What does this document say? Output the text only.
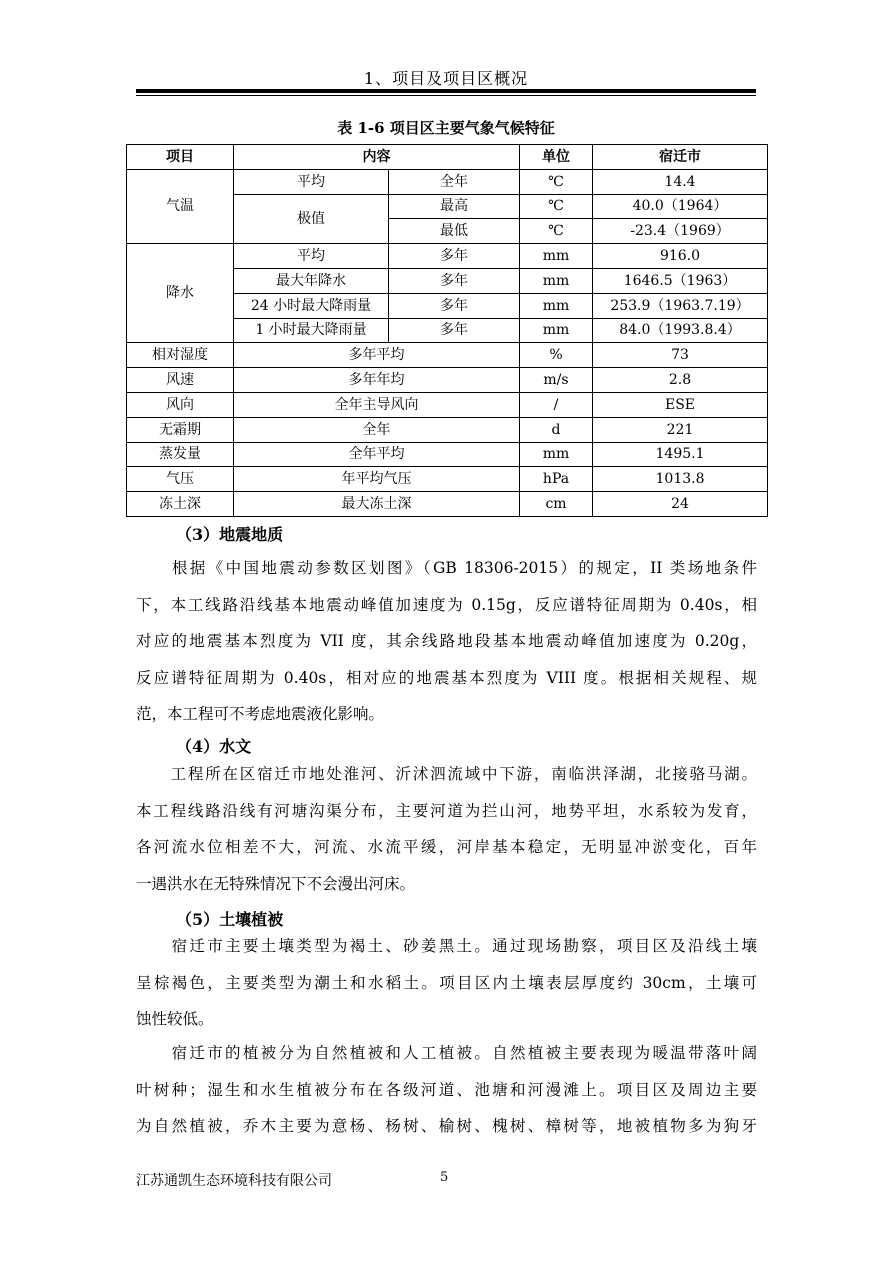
1、项目及项目区概况
表 1-6 项目区主要气象气候特征
项目	内容		单位	宿迁市
气温	平均	全年	℃	14.4
	极值	最高	℃	40.0（1964）
		最低	℃	-23.4（1969）
降水	平均	多年	mm	916.0
	最大年降水	多年	mm	1646.5（1963）
	24 小时最大降雨量	多年	mm	253.9（1963.7.19）
	1 小时最大降雨量	多年	mm	84.0（1993.8.4）
相对湿度	多年平均		%	73
风速	多年年均		m/s	2.8
风向	全年主导风向		/	ESE
无霜期	全年		d	221
蒸发量	全年平均		mm	1495.1
气压	年平均气压		hPa	1013.8
冻土深	最大冻土深		cm	24
（3）地震地质
　　根据《中国地震动参数区划图》（GB 18306-2015）的规定，II 类场地条件
下，本工线路沿线基本地震动峰值加速度为 0.15g，反应谱特征周期为 0.40s，相
对应的地震基本烈度为 VII 度，其余线路地段基本地震动峰值加速度为 0.20g，
反应谱特征周期为 0.40s，相对应的地震基本烈度为 VIII 度。根据相关规程、规
范，本工程可不考虑地震液化影响。
（4）水文
　　工程所在区宿迁市地处淮河、沂沭泗流域中下游，南临洪泽湖，北接骆马湖。
本工程线路沿线有河塘沟渠分布，主要河道为拦山河，地势平坦，水系较为发育，
各河流水位相差不大，河流、水流平缓，河岸基本稳定，无明显冲淤变化，百年
一遇洪水在无特殊情况下不会漫出河床。
（5）土壤植被
　　宿迁市主要土壤类型为褐土、砂姜黑土。通过现场勘察，项目区及沿线土壤
呈棕褐色，主要类型为潮土和水稻土。项目区内土壤表层厚度约 30cm，土壤可
蚀性较低。
　　宿迁市的植被分为自然植被和人工植被。自然植被主要表现为暖温带落叶阔
叶树种；湿生和水生植被分布在各级河道、池塘和河漫滩上。项目区及周边主要
为自然植被，乔木主要为意杨、杨树、榆树、槐树、樟树等，地被植物多为狗牙
江苏通凯生态环境科技有限公司	5
